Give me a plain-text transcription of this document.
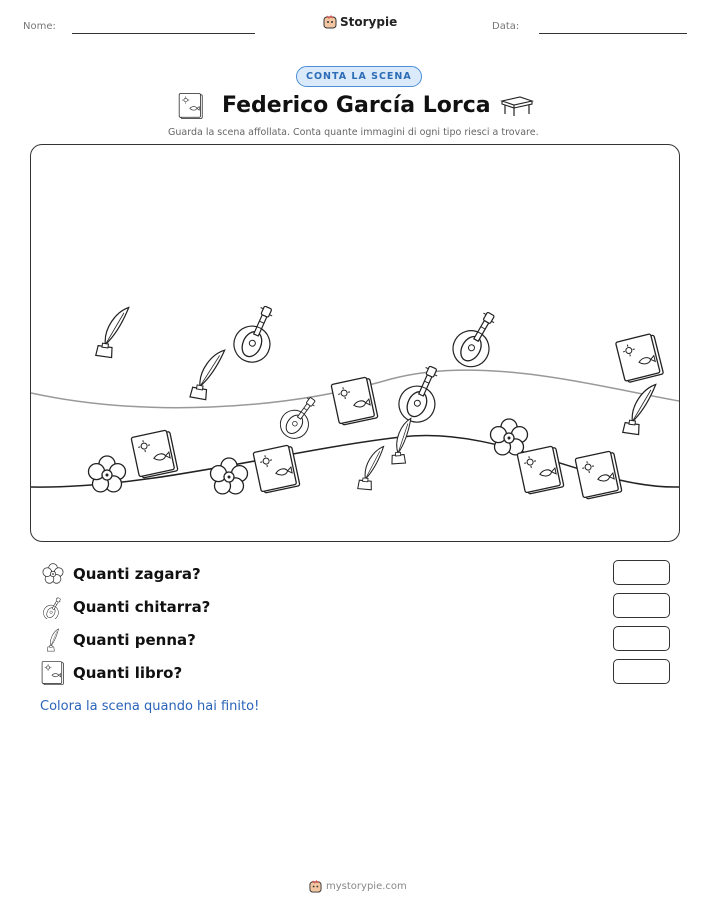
Nome:	Storypie	Data:
CONTA LA SCENA
Federico García Lorca
Guarda la scena affollata. Conta quante immagini di ogni tipo riesci a trovare.
Quanti zagara?
Quanti chitarra?
Quanti penna?
Quanti libro?
Colora la scena quando hai finito!
mystorypie.com
